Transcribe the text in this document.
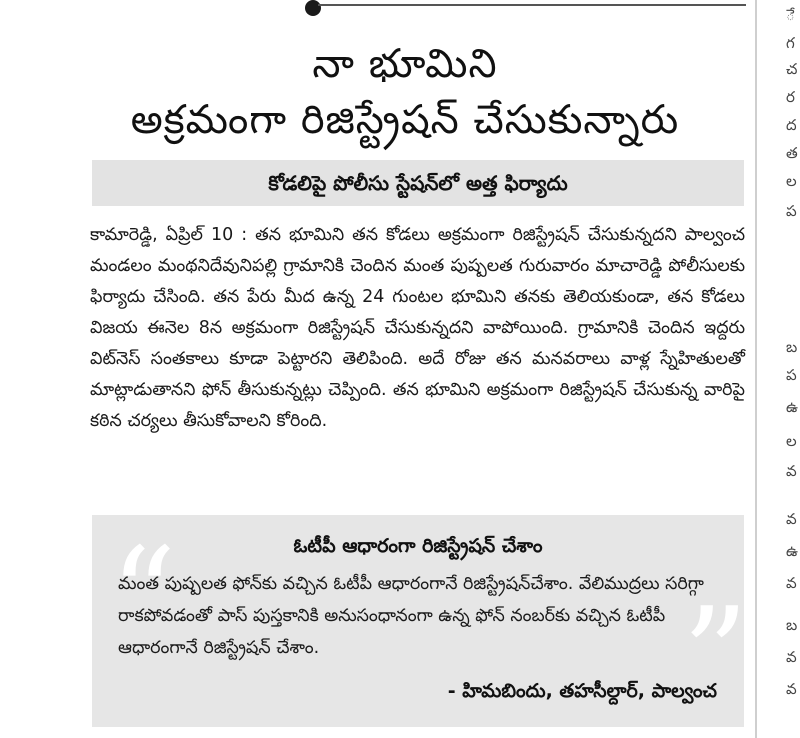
ే
గ
చ
ర
ద
త
ల
ప
బ
ప
ఉ
ల
వ
వ
ఉ
వ
బ
వ
వ
నా భూమిని
అక్రమంగా రిజిస్ట్రేషన్ చేసుకున్నారు
కోడలిపై పోలీసు స్టేషన్‌లో అత్త ఫిర్యాదు
కామారెడ్డి, ఏప్రిల్ 10 : తన భూమిని తన కోడలు అక్రమంగా రిజిస్ట్రేషన్ చేసుకున్నదని పాల్వంచ మండలం మంథనిదేవునిపల్లి గ్రామానికి చెందిన మంత పుష్పలత గురువారం మాచారెడ్డి పోలీసులకు ఫిర్యాదు చేసింది. తన పేరు మీద ఉన్న 24 గుంటల భూమిని తనకు తెలియకుండా, తన కోడలు విజయ ఈనెల 8న అక్రమంగా రిజిస్ట్రేషన్ చేసుకున్నదని వాపోయింది. గ్రామానికి చెందిన ఇద్దరు విట్‌నెస్ సంతకాలు కూడా పెట్టారని తెలిపింది. అదే రోజు తన మనవరాలు వాళ్ల స్నేహితులతో మాట్లాడుతానని ఫోన్ తీసుకున్నట్లు చెప్పింది. తన భూమిని అక్రమంగా రిజిస్ట్రేషన్ చేసుకున్న వారిపై కఠిన చర్యలు తీసుకోవాలని కోరింది.
“	”
ఓటీపీ ఆధారంగా రిజిస్ట్రేషన్ చేశాం
మంత పుష్పలత ఫోన్‌కు వచ్చిన ఓటీపీ ఆధారంగానే రిజిస్ట్రేషన్‌చేశాం. వేలిముద్రలు సరిగ్గా రాకపోవడంతో పాస్ పుస్తకానికి అనుసంధానంగా ఉన్న ఫోన్ నంబర్‌కు వచ్చిన ఓటీపీ ఆధారంగానే రిజిస్ట్రేషన్ చేశాం.
- హిమబిందు, తహసీల్దార్, పాల్వంచ
